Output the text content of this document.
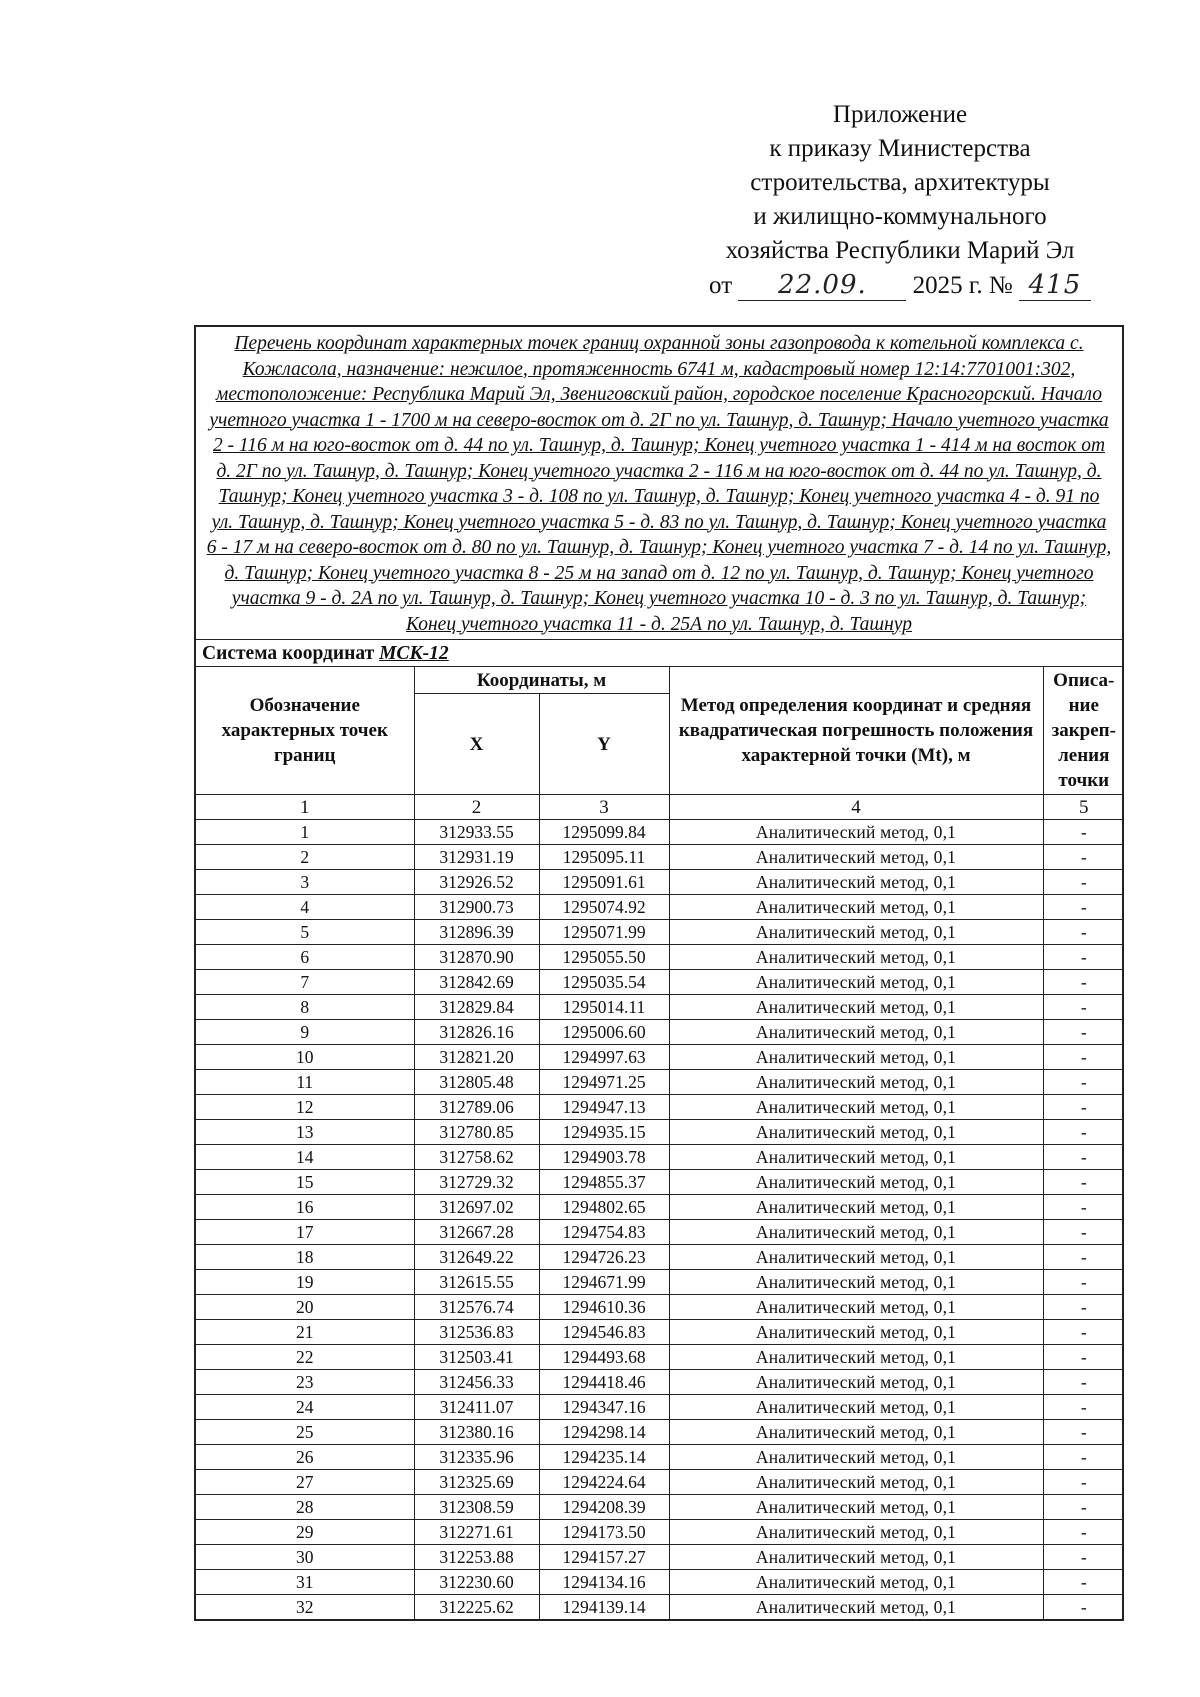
Приложение
к приказу Министерства
строительства, архитектуры
и жилищно-коммунального
хозяйства Республики Марий Эл
от 22.09. 2025 г. № 415
Перечень координат характерных точек границ охранной зоны газопровода к котельной комплекса с. Кожласола, назначение: нежилое, протяженность 6741 м, кадастровый номер 12:14:7701001:302, местоположение: Республика Марий Эл, Звениговский район, городское поселение Красногорский. Начало учетного участка 1 - 1700 м на северо-восток от д. 2Г по ул. Ташнур, д. Ташнур; Начало учетного участка 2 - 116 м на юго-восток от д. 44 по ул. Ташнур, д. Ташнур; Конец учетного участка 1 - 414 м на восток от д. 2Г по ул. Ташнур, д. Ташнур; Конец учетного участка 2 - 116 м на юго-восток от д. 44 по ул. Ташнур, д. Ташнур; Конец учетного участка 3 - д. 108 по ул. Ташнур, д. Ташнур; Конец учетного участка 4 - д. 91 по ул. Ташнур, д. Ташнур; Конец учетного участка 5 - д. 83 по ул. Ташнур, д. Ташнур; Конец учетного участка 6 - 17 м на северо-восток от д. 80 по ул. Ташнур, д. Ташнур; Конец учетного участка 7 - д. 14 по ул. Ташнур, д. Ташнур; Конец учетного участка 8 - 25 м на запад от д. 12 по ул. Ташнур, д. Ташнур; Конец учетного участка 9 - д. 2А по ул. Ташнур, д. Ташнур; Конец учетного участка 10 - д. 3 по ул. Ташнур, д. Ташнур; Конец учетного участка 11 - д. 25А по ул. Ташнур, д. Ташнур
Система координат МСК-12				
Обозначение характерных точек границ	Координаты, м		Метод определения координат и средняя квадратическая погрешность положения характерной точки (Mt), м	Описа- ние закреп- ления точки
	X	Y		
1	2	3	4	5
1	312933.55	1295099.84	Аналитический метод, 0,1	-
2	312931.19	1295095.11	Аналитический метод, 0,1	-
3	312926.52	1295091.61	Аналитический метод, 0,1	-
4	312900.73	1295074.92	Аналитический метод, 0,1	-
5	312896.39	1295071.99	Аналитический метод, 0,1	-
6	312870.90	1295055.50	Аналитический метод, 0,1	-
7	312842.69	1295035.54	Аналитический метод, 0,1	-
8	312829.84	1295014.11	Аналитический метод, 0,1	-
9	312826.16	1295006.60	Аналитический метод, 0,1	-
10	312821.20	1294997.63	Аналитический метод, 0,1	-
11	312805.48	1294971.25	Аналитический метод, 0,1	-
12	312789.06	1294947.13	Аналитический метод, 0,1	-
13	312780.85	1294935.15	Аналитический метод, 0,1	-
14	312758.62	1294903.78	Аналитический метод, 0,1	-
15	312729.32	1294855.37	Аналитический метод, 0,1	-
16	312697.02	1294802.65	Аналитический метод, 0,1	-
17	312667.28	1294754.83	Аналитический метод, 0,1	-
18	312649.22	1294726.23	Аналитический метод, 0,1	-
19	312615.55	1294671.99	Аналитический метод, 0,1	-
20	312576.74	1294610.36	Аналитический метод, 0,1	-
21	312536.83	1294546.83	Аналитический метод, 0,1	-
22	312503.41	1294493.68	Аналитический метод, 0,1	-
23	312456.33	1294418.46	Аналитический метод, 0,1	-
24	312411.07	1294347.16	Аналитический метод, 0,1	-
25	312380.16	1294298.14	Аналитический метод, 0,1	-
26	312335.96	1294235.14	Аналитический метод, 0,1	-
27	312325.69	1294224.64	Аналитический метод, 0,1	-
28	312308.59	1294208.39	Аналитический метод, 0,1	-
29	312271.61	1294173.50	Аналитический метод, 0,1	-
30	312253.88	1294157.27	Аналитический метод, 0,1	-
31	312230.60	1294134.16	Аналитический метод, 0,1	-
32	312225.62	1294139.14	Аналитический метод, 0,1	-
